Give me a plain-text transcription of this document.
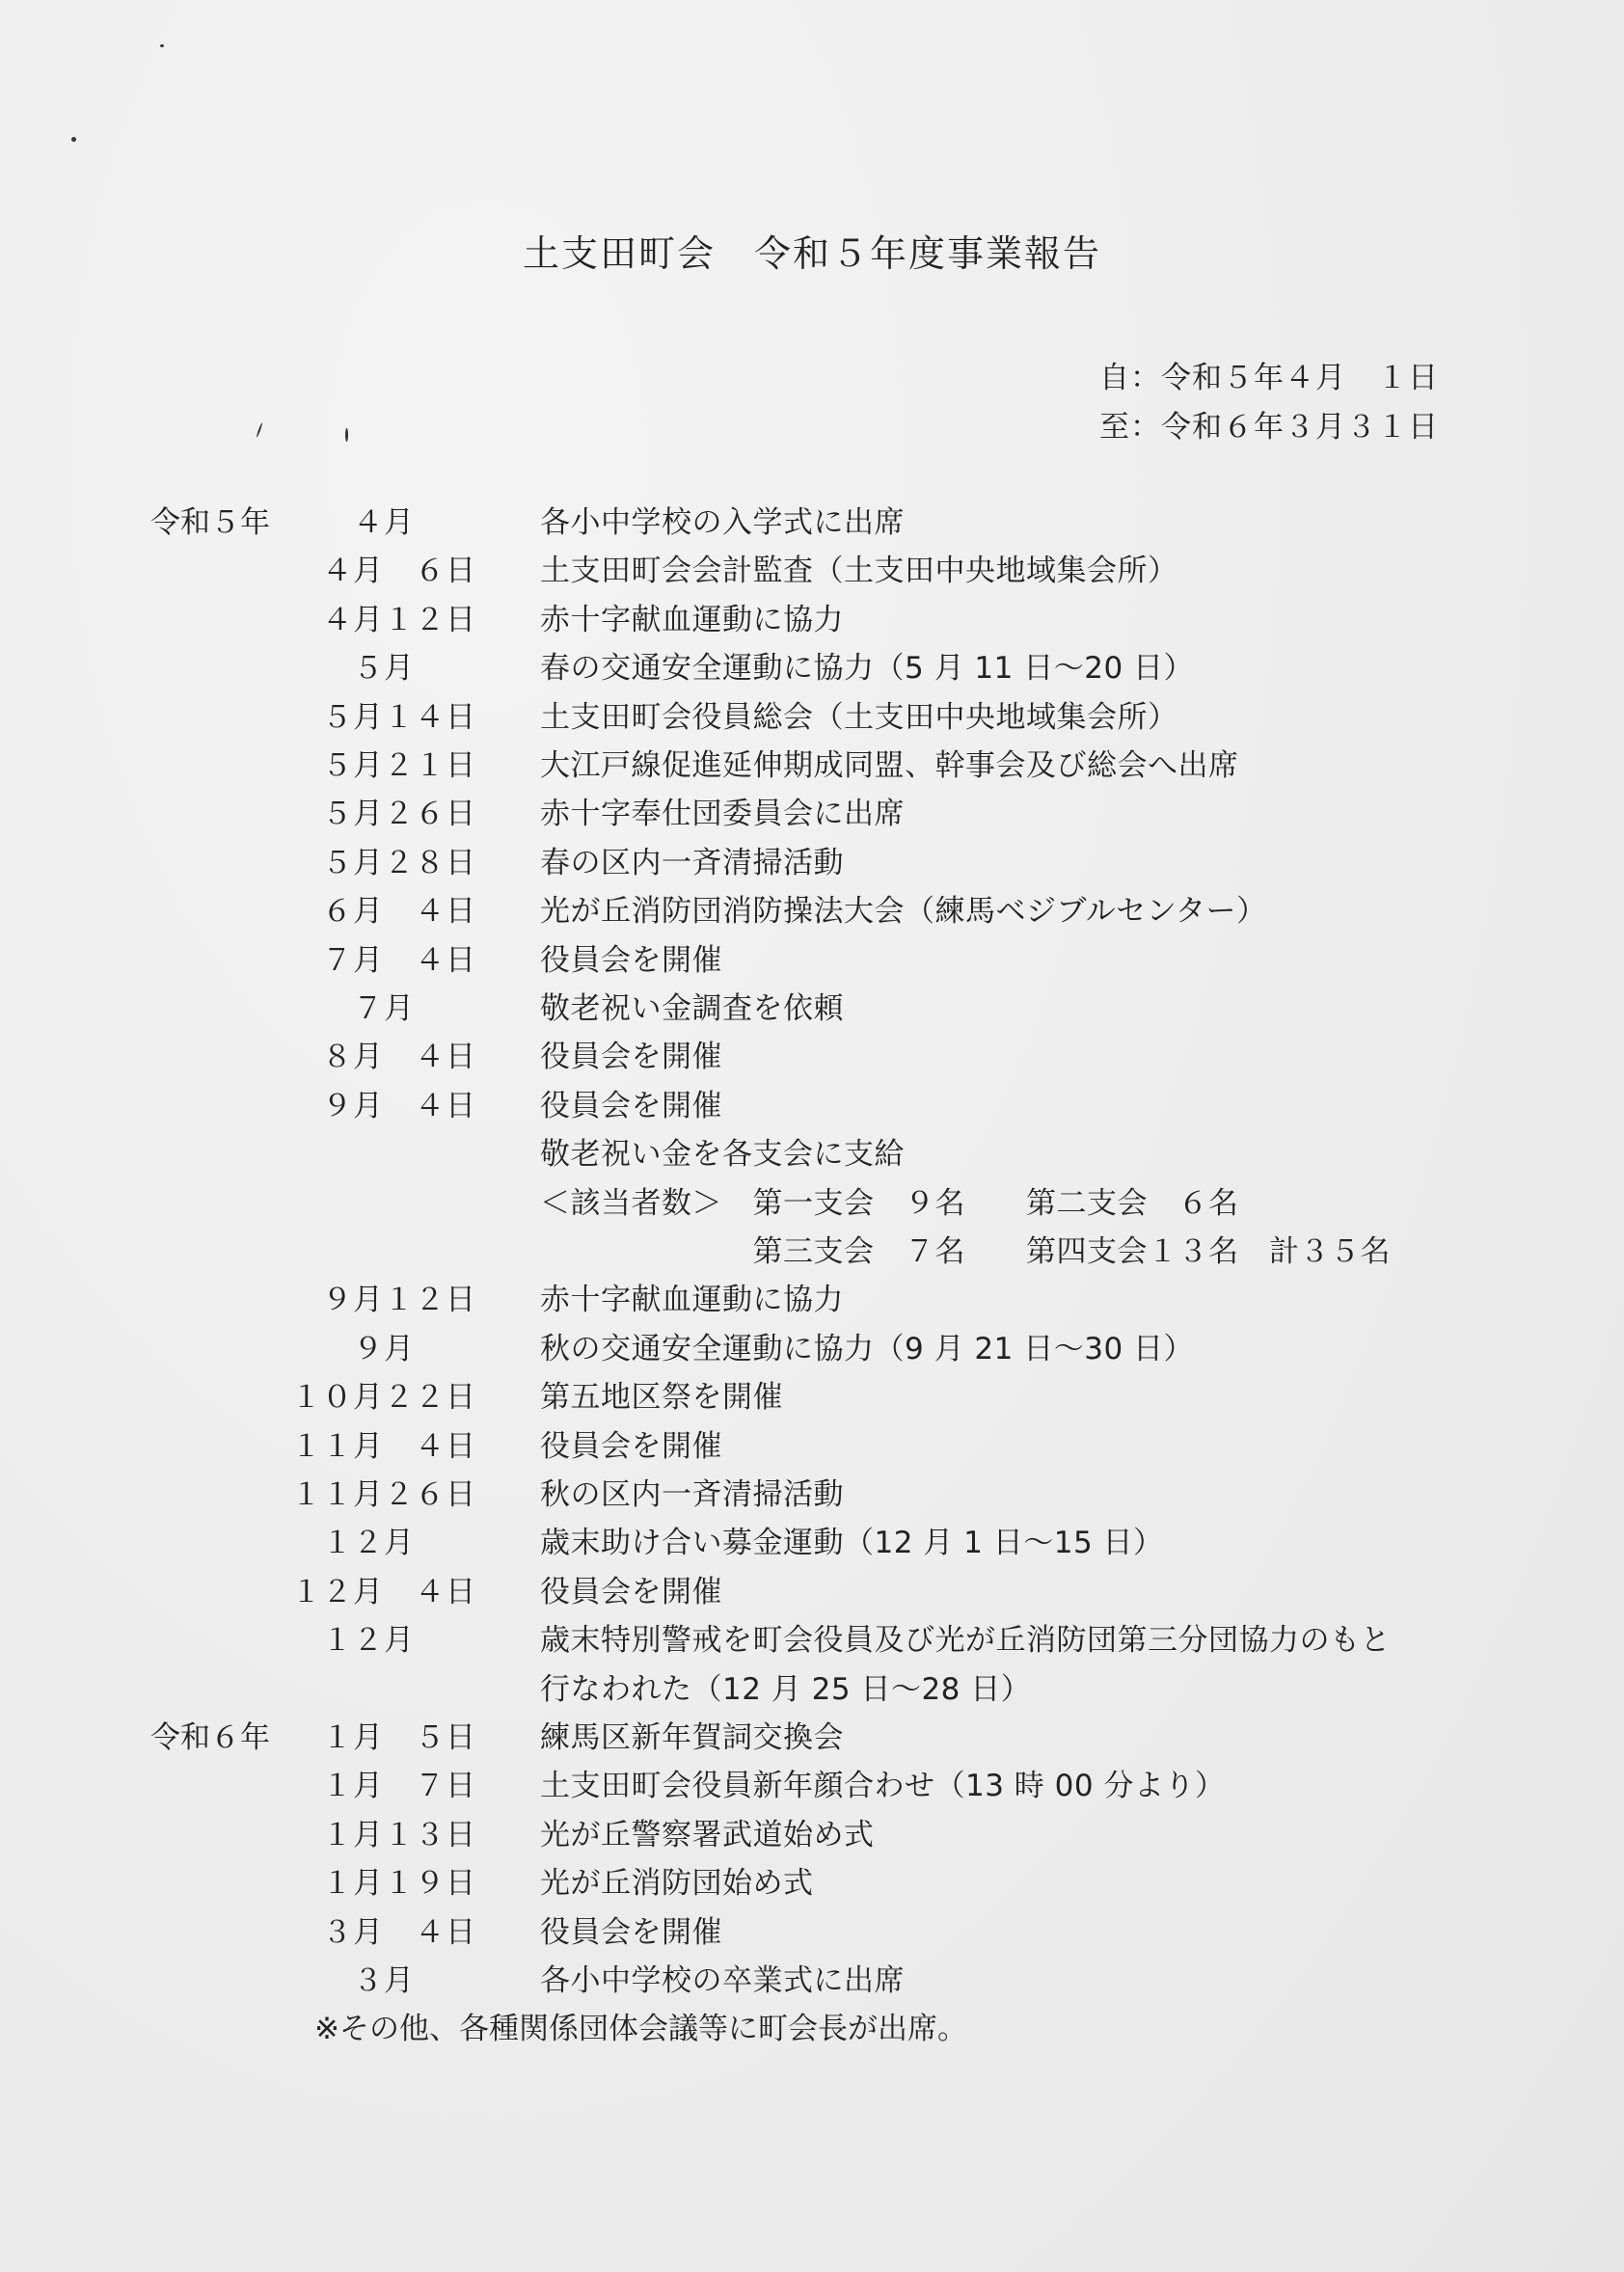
土支田町会　令和５年度事業報告
自：令和５年４月　１日
至：令和６年３月３１日
令和５年	４月　　 各小中学校の入学式に出席
４月　６日 土支田町会会計監査（土支田中央地域集会所）
４月１２日 赤十字献血運動に協力
５月　　 春の交通安全運動に協力（5 月 11 日～20 日）
５月１４日 土支田町会役員総会（土支田中央地域集会所）
５月２１日 大江戸線促進延伸期成同盟、幹事会及び総会へ出席
５月２６日 赤十字奉仕団委員会に出席
５月２８日 春の区内一斉清掃活動
６月　４日 光が丘消防団消防操法大会（練馬ベジブルセンター）
７月　４日 役員会を開催
７月　　 敬老祝い金調査を依頼
８月　４日 役員会を開催
９月　４日 役員会を開催
敬老祝い金を各支会に支給
＜該当者数＞　第一支会　９名　　第二支会　６名
　　　　　　　第三支会　７名　　第四支会１３名　計３５名
９月１２日 赤十字献血運動に協力
９月　　 秋の交通安全運動に協力（9 月 21 日～30 日）
１０月２２日 第五地区祭を開催
１１月　４日 役員会を開催
１１月２６日 秋の区内一斉清掃活動
１２月　　 歳末助け合い募金運動（12 月 1 日～15 日）
１２月　４日 役員会を開催
１２月　　 歳末特別警戒を町会役員及び光が丘消防団第三分団協力のもと
行なわれた（12 月 25 日～28 日）
令和６年	１月　５日 練馬区新年賀詞交換会
１月　７日 土支田町会役員新年顔合わせ（13 時 00 分より）
１月１３日 光が丘警察署武道始め式
１月１９日 光が丘消防団始め式
３月　４日 役員会を開催
３月　　 各小中学校の卒業式に出席
※その他、各種関係団体会議等に町会長が出席。
